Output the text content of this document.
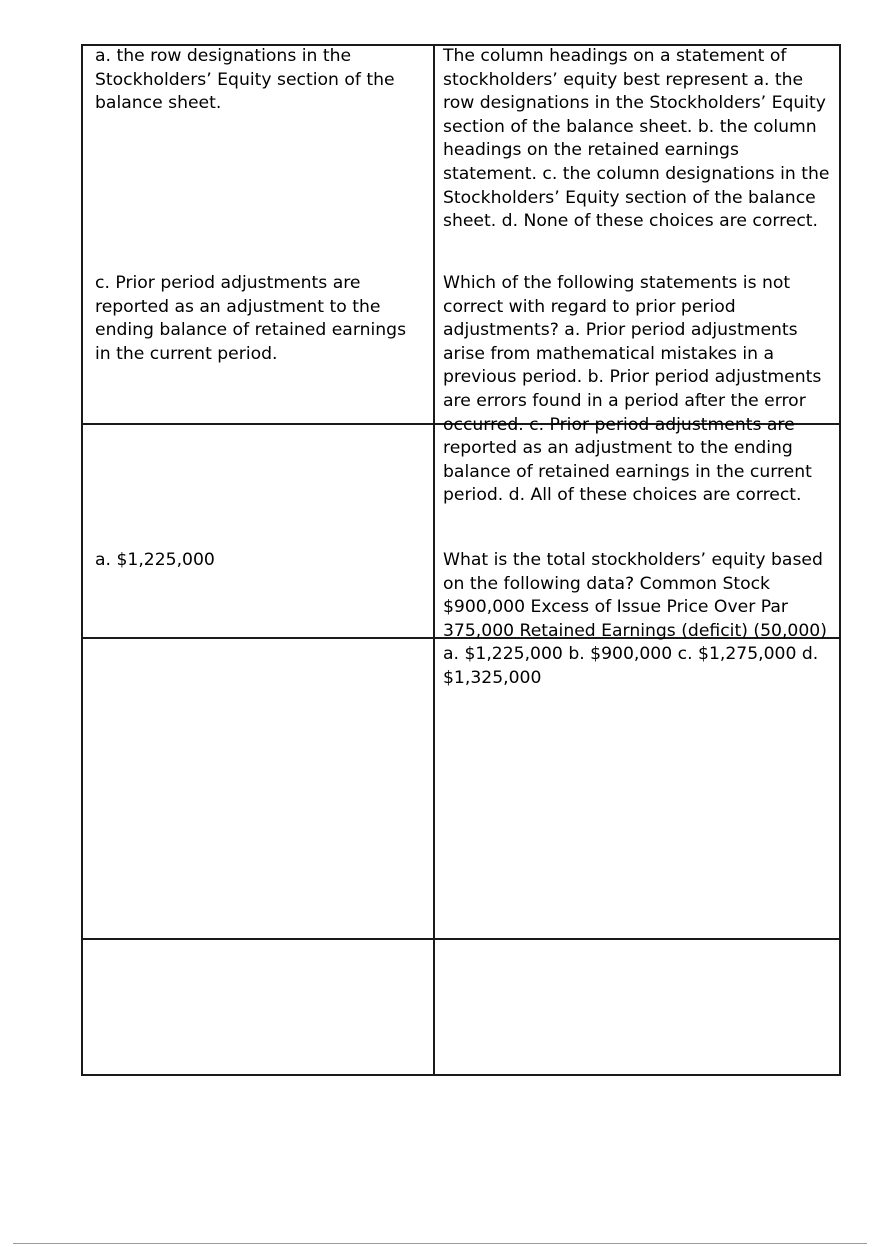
a. the row designations in the Stockholders’ Equity section of the balance sheet.
The column headings on a statement of stockholders’ equity best represent a. the row designations in the Stockholders’ Equity section of the balance sheet. b. the column headings on the retained earnings statement. c. the column designations in the Stockholders’ Equity section of the balance sheet. d. None of these choices are correct.
c. Prior period adjustments are reported as an adjustment to the ending balance of retained earnings in the current period.
Which of the following statements is not correct with regard to prior period adjustments? a. Prior period adjustments arise from mathematical mistakes in a previous period. b. Prior period adjustments are errors found in a period after the error occurred. c. Prior period adjustments are reported as an adjustment to the ending balance of retained earnings in the current period. d. All of these choices are correct.
a. $1,225,000	What is the total stockholders’ equity based on the following data? Common Stock $900,000 Excess of Issue Price Over Par 375,000 Retained Earnings (deficit) (50,000) a. $1,225,000 b. $900,000 c. $1,275,000 d. $1,325,000
